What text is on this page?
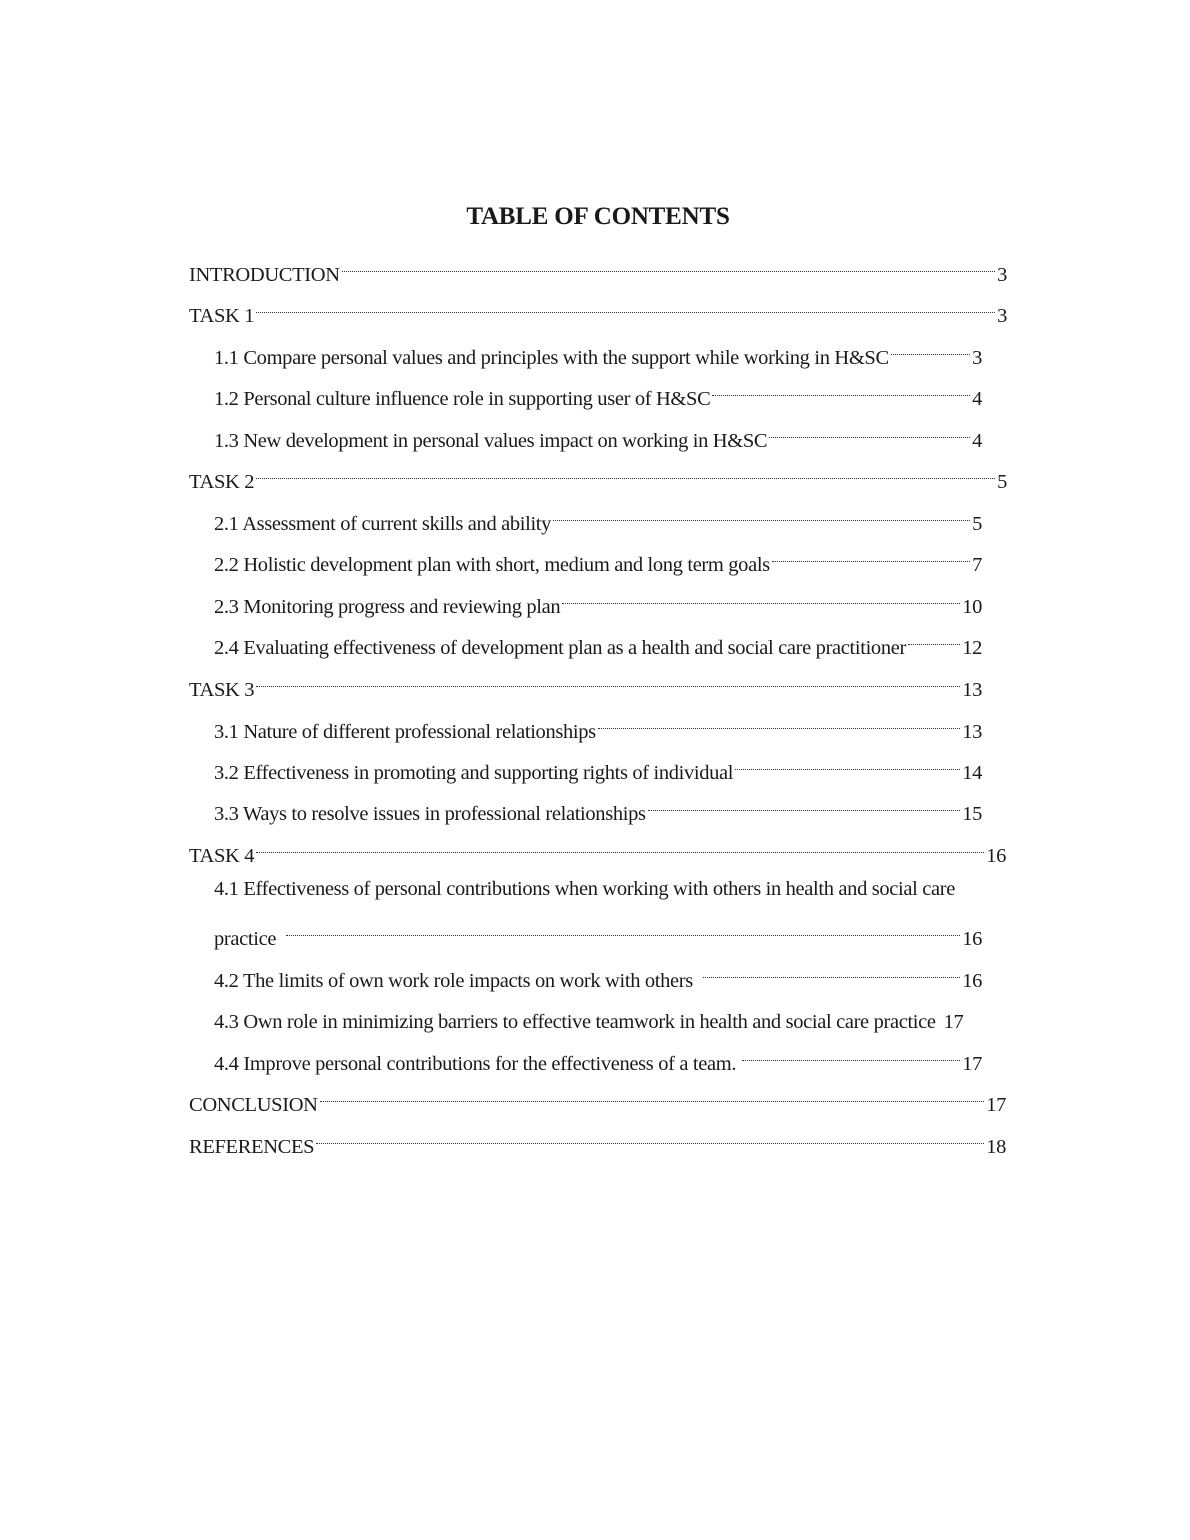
TABLE OF CONTENTS
INTRODUCTION	3
TASK 1	3
1.1 Compare personal values and principles with the support while working in H&SC	3
1.2 Personal culture influence role in supporting user of H&SC	4
1.3 New development in personal values impact on working in H&SC	4
TASK 2	5
2.1 Assessment of current skills and ability	5
2.2 Holistic development plan with short, medium and long term goals	7
2.3 Monitoring progress and reviewing plan	10
2.4 Evaluating effectiveness of development plan as a health and social care practitioner	12
TASK 3	13
3.1 Nature of different professional relationships	13
3.2 Effectiveness in promoting and supporting rights of individual	14
3.3 Ways to resolve issues in professional relationships	15
TASK 4	16
4.1 Effectiveness of personal contributions when working with others in health and social care
practice	16
4.2 The limits of own work role impacts on work with others	16
4.3 Own role in minimizing barriers to effective teamwork in health and social care practice 17
4.4 Improve personal contributions for the effectiveness of a team.	17
CONCLUSION	17
REFERENCES	18
